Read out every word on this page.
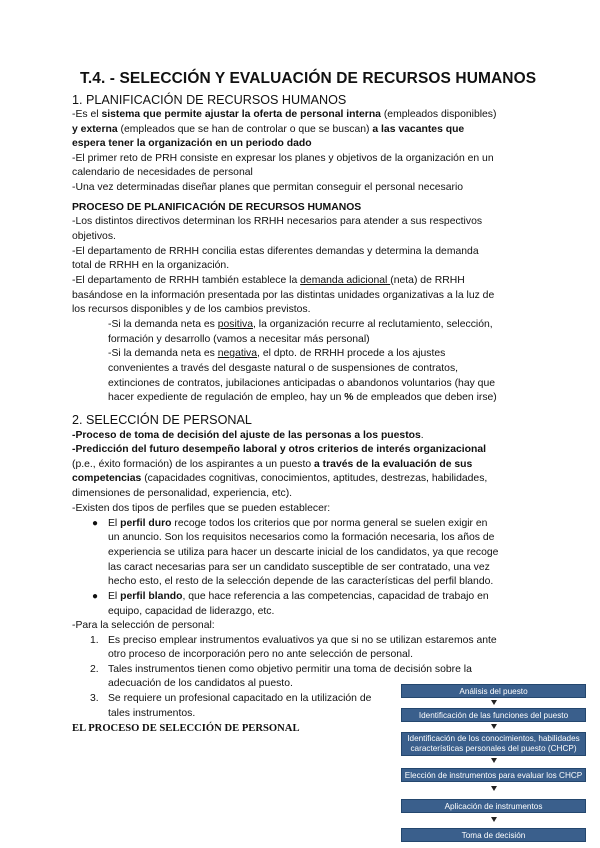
T.4. - SELECCIÓN Y EVALUACIÓN DE RECURSOS HUMANOS
1. PLANIFICACIÓN DE RECURSOS HUMANOS
-Es el sistema que permite ajustar la oferta de personal interna (empleados disponibles)
y externa (empleados que se han de controlar o que se buscan) a las vacantes que
espera tener la organización en un periodo dado
-El primer reto de PRH consiste en expresar los planes y objetivos de la organización en un
calendario de necesidades de personal
-Una vez determinadas diseñar planes que permitan conseguir el personal necesario
PROCESO DE PLANIFICACIÓN DE RECURSOS HUMANOS
-Los distintos directivos determinan los RRHH necesarios para atender a sus respectivos
objetivos.
-El departamento de RRHH concilia estas diferentes demandas y determina la demanda
total de RRHH en la organización.
-El departamento de RRHH también establece la demanda adicional (neta) de RRHH
basándose en la información presentada por las distintas unidades organizativas a la luz de
los recursos disponibles y de los cambios previstos.
-Si la demanda neta es positiva, la organización recurre al reclutamiento, selección,
formación y desarrollo (vamos a necesitar más personal)
-Si la demanda neta es negativa, el dpto. de RRHH procede a los ajustes
convenientes a través del desgaste natural o de suspensiones de contratos,
extinciones de contratos, jubilaciones anticipadas o abandonos voluntarios (hay que
hacer expediente de regulación de empleo, hay un % de empleados que deben irse)
2. SELECCIÓN DE PERSONAL
-Proceso de toma de decisión del ajuste de las personas a los puestos.
-Predicción del futuro desempeño laboral y otros criterios de interés organizacional
(p.e., éxito formación) de los aspirantes a un puesto a través de la evaluación de sus
competencias (capacidades cognitivas, conocimientos, aptitudes, destrezas, habilidades,
dimensiones de personalidad, experiencia, etc).
-Existen dos tipos de perfiles que se pueden establecer:
● El perfil duro recoge todos los criterios que por norma general se suelen exigir en
un anuncio. Son los requisitos necesarios como la formación necesaria, los años de
experiencia se utiliza para hacer un descarte inicial de los candidatos, ya que recoge
las caract necesarias para ser un candidato susceptible de ser contratado, una vez
hecho esto, el resto de la selección depende de las características del perfil blando.
● El perfil blando, que hace referencia a las competencias, capacidad de trabajo en
equipo, capacidad de liderazgo, etc.
-Para la selección de personal:
1. Es preciso emplear instrumentos evaluativos ya que si no se utilizan estaremos ante
otro proceso de incorporación pero no ante selección de personal.
2. Tales instrumentos tienen como objetivo permitir una toma de decisión sobre la
adecuación de los candidatos al puesto.
3. Se requiere un profesional capacitado en la utilización de
tales instrumentos.
EL PROCESO DE SELECCIÓN DE PERSONAL
Análisis del puesto
Identificación de las funciones del puesto
Identificación de los conocimientos, habilidades
características personales del puesto (CHCP)
Elección de instrumentos para evaluar los CHCP
Aplicación de instrumentos
Toma de decisión
